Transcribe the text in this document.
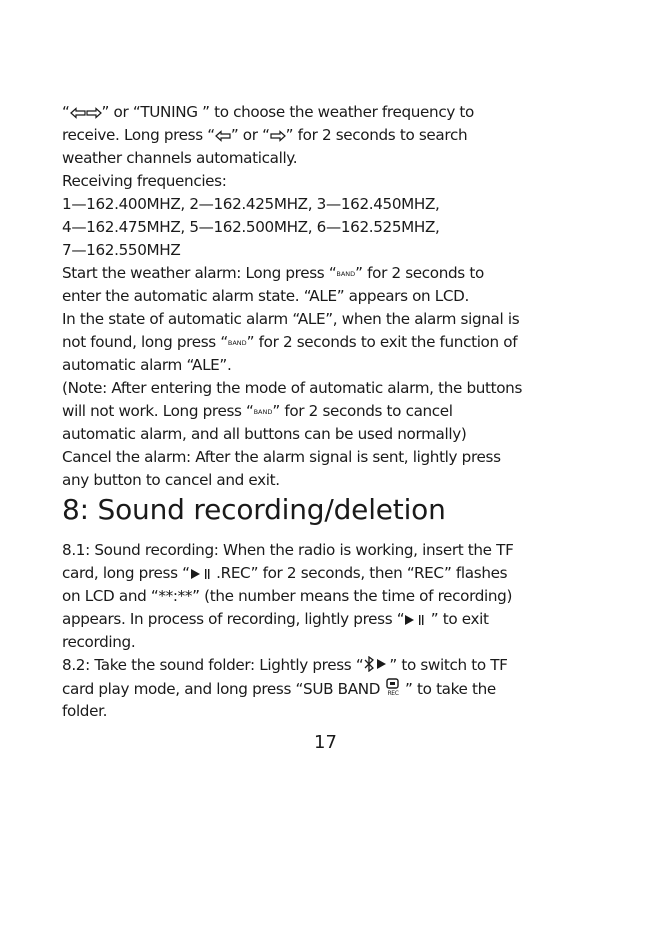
“ ” or “TUNING ” to choose the weather frequency to
receive. Long press “ ” or “ ” for 2 seconds to search
weather channels automatically.
Receiving frequencies:
1—162.400MHZ, 2—162.425MHZ, 3—162.450MHZ,
4—162.475MHZ, 5—162.500MHZ, 6—162.525MHZ,
7—162.550MHZ
Start the weather alarm: Long press “BAND” for 2 seconds to
enter the automatic alarm state. “ALE” appears on LCD.
In the state of automatic alarm “ALE”, when the alarm signal is
not found, long press “BAND” for 2 seconds to exit the function of
automatic alarm “ALE”.
(Note: After entering the mode of automatic alarm, the buttons
will not work. Long press “BAND” for 2 seconds to cancel
automatic alarm, and all buttons can be used normally)
Cancel the alarm: After the alarm signal is sent, lightly press
any button to cancel and exit.
8: Sound recording/deletion
8.1: Sound recording: When the radio is working, insert the TF
card, long press “ .REC” for 2 seconds, then “REC” flashes
on LCD and “**:**” (the number means the time of recording)
appears. In process of recording, lightly press “ ” to exit
recording.
8.2: Take the sound folder: Lightly press “ ” to switch to TF
card play mode, and long press “SUB BAND REC ” to take the
folder.
17
